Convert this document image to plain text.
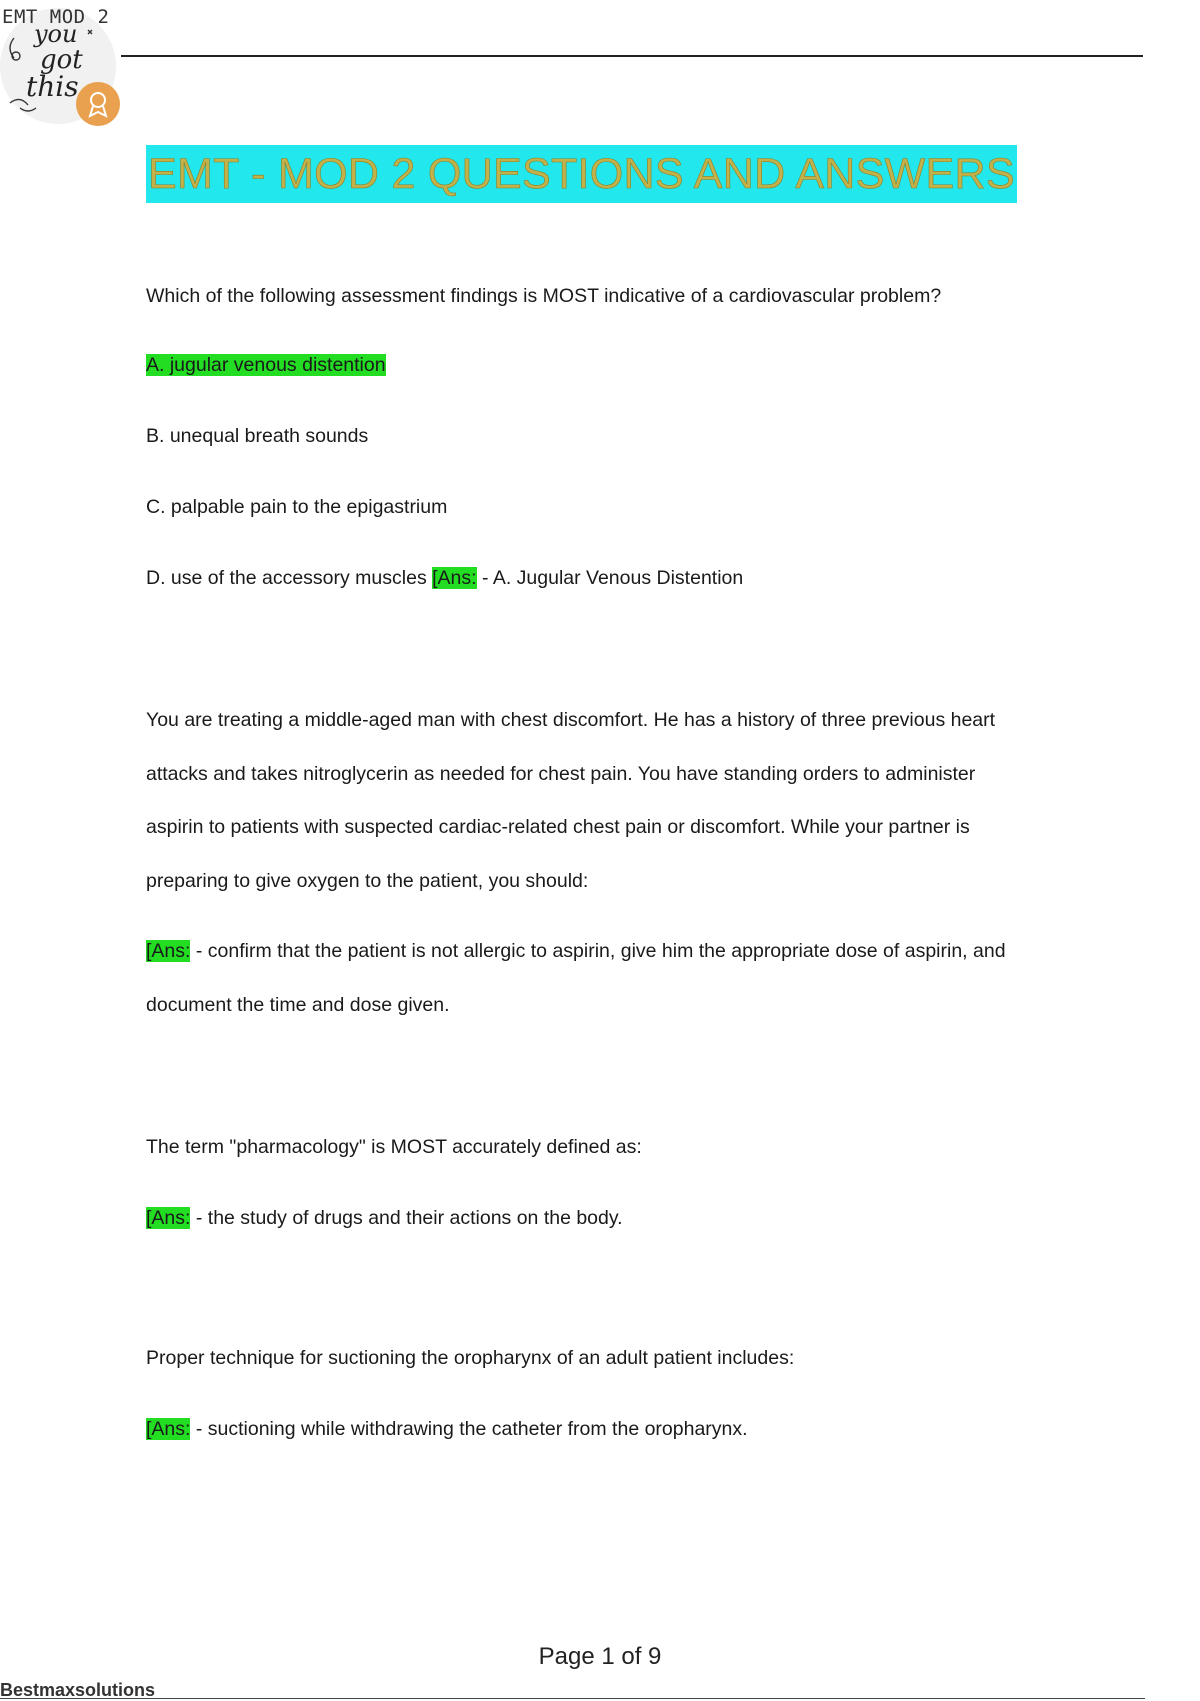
EMT MOD 2
you
got
this
EMT - MOD 2 QUESTIONS AND ANSWERS
Which of the following assessment findings is MOST indicative of a cardiovascular problem?
A. jugular venous distention
B. unequal breath sounds
C. palpable pain to the epigastrium
D. use of the accessory muscles [Ans: - A. Jugular Venous Distention
You are treating a middle-aged man with chest discomfort. He has a history of three previous heart
attacks and takes nitroglycerin as needed for chest pain. You have standing orders to administer
aspirin to patients with suspected cardiac-related chest pain or discomfort. While your partner is
preparing to give oxygen to the patient, you should:
[Ans: - confirm that the patient is not allergic to aspirin, give him the appropriate dose of aspirin, and
document the time and dose given.
The term "pharmacology" is MOST accurately defined as:
[Ans: - the study of drugs and their actions on the body.
Proper technique for suctioning the oropharynx of an adult patient includes:
[Ans: - suctioning while withdrawing the catheter from the oropharynx.
Page 1 of 9
Bestmaxsolutions
